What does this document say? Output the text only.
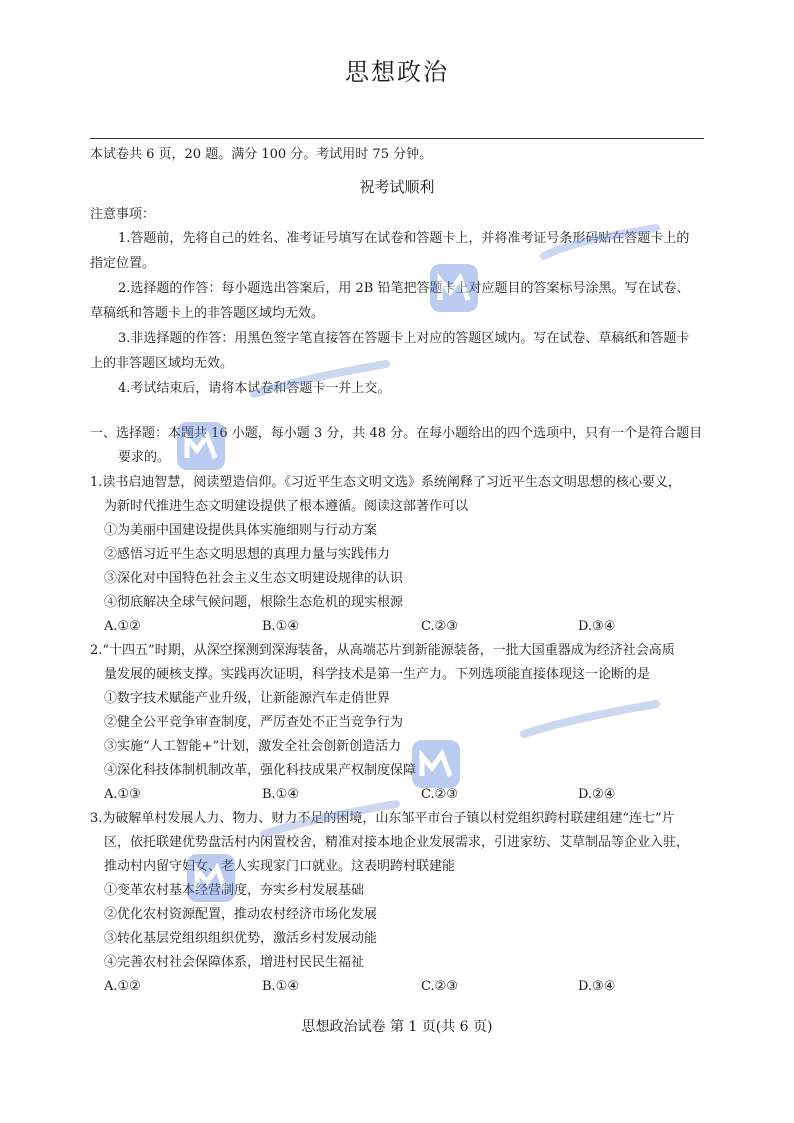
思想政治
本试卷共 6 页，20 题。满分 100 分。考试用时 75 分钟。
祝考试顺利
注意事项：
1.答题前，先将自己的姓名、准考证号填写在试卷和答题卡上，并将准考证号条形码贴在答题卡上的
指定位置。
2.选择题的作答：每小题选出答案后，用 2B 铅笔把答题卡上对应题目的答案标号涂黑。写在试卷、
草稿纸和答题卡上的非答题区域均无效。
3.非选择题的作答：用黑色签字笔直接答在答题卡上对应的答题区域内。写在试卷、草稿纸和答题卡
上的非答题区域均无效。
4.考试结束后，请将本试卷和答题卡一并上交。
一、选择题：本题共 16 小题，每小题 3 分，共 48 分。在每小题给出的四个选项中，只有一个是符合题目
要求的。
1.读书启迪智慧，阅读塑造信仰。《习近平生态文明文选》系统阐释了习近平生态文明思想的核心要义，
为新时代推进生态文明建设提供了根本遵循。阅读这部著作可以
①为美丽中国建设提供具体实施细则与行动方案
②感悟习近平生态文明思想的真理力量与实践伟力
③深化对中国特色社会主义生态文明建设规律的认识
④彻底解决全球气候问题，根除生态危机的现实根源
A.①②	B.①④	C.②③	D.③④
2.“十四五”时期，从深空探测到深海装备，从高端芯片到新能源装备，一批大国重器成为经济社会高质
量发展的硬核支撑。实践再次证明，科学技术是第一生产力。下列选项能直接体现这一论断的是
①数字技术赋能产业升级，让新能源汽车走俏世界
②健全公平竞争审查制度，严厉查处不正当竞争行为
③实施“人工智能+”计划，激发全社会创新创造活力
④深化科技体制机制改革，强化科技成果产权制度保障
A.①③	B.①④	C.②③	D.②④
3.为破解单村发展人力、物力、财力不足的困境，山东邹平市台子镇以村党组织跨村联建组建“连七”片
区，依托联建优势盘活村内闲置校舍，精准对接本地企业发展需求，引进家纺、艾草制品等企业入驻，
推动村内留守妇女、老人实现家门口就业。这表明跨村联建能
①变革农村基本经营制度，夯实乡村发展基础
②优化农村资源配置，推动农村经济市场化发展
③转化基层党组织组织优势，激活乡村发展动能
④完善农村社会保障体系，增进村民民生福祉
A.①②	B.①④	C.②③	D.③④
思想政治试卷 第 1 页(共 6 页)
